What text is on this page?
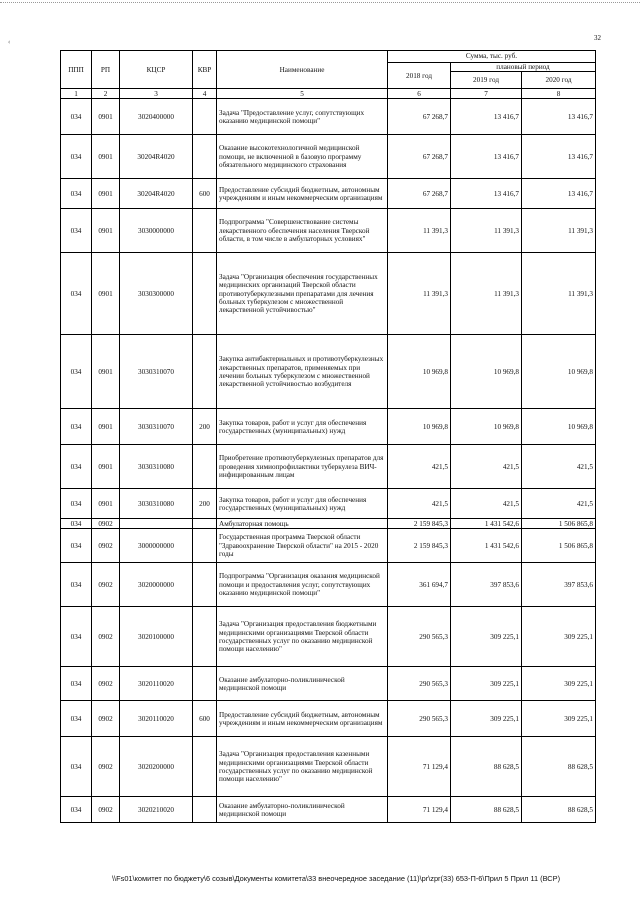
32
‹
ППП	РП	КЦСР	КВР	Наименование	Сумма, тыс. руб.		
					2018 год	плановый период	
						2019 год	2020 год
1	2	3	4	5	6	7	8
034	0901	3020400000		Задача "Предоставление услуг, сопутствующих оказанию медицинской помощи"	67 268,7	13 416,7	13 416,7
034	0901	30204R4020		Оказание высокотехнологичной медицинской помощи, не включенной в базовую программу обязательного медицинского страхования	67 268,7	13 416,7	13 416,7
034	0901	30204R4020	600	Предоставление субсидий бюджетным, автономным учреждениям и иным некоммерческим организациям	67 268,7	13 416,7	13 416,7
034	0901	3030000000		Подпрограмма "Совершенствование системы лекарственного обеспечения населения Тверской области, в том числе в амбулаторных условиях"	11 391,3	11 391,3	11 391,3
034	0901	3030300000		Задача "Организация обеспечения государственных медицинских организаций Тверской области противотуберкулезными препаратами для лечения больных туберкулезом с множественной лекарственной устойчивостью"	11 391,3	11 391,3	11 391,3
034	0901	3030310070		Закупка антибактериальных и противотуберкулезных лекарственных препаратов, применяемых при лечении больных туберкулезом с множественной лекарственной устойчивостью возбудителя	10 969,8	10 969,8	10 969,8
034	0901	3030310070	200	Закупка товаров, работ и услуг для обеспечения государственных (муниципальных) нужд	10 969,8	10 969,8	10 969,8
034	0901	3030310080		Приобретение противотуберкулезных препаратов для проведения химиопрофилактики туберкулеза ВИЧ-инфицированным лицам	421,5	421,5	421,5
034	0901	3030310080	200	Закупка товаров, работ и услуг для обеспечения государственных (муниципальных) нужд	421,5	421,5	421,5
034	0902			Амбулаторная помощь	2 159 845,3	1 431 542,6	1 506 865,8
034	0902	3000000000		Государственная программа Тверской области "Здравоохранение Тверской области" на 2015 - 2020 годы	2 159 845,3	1 431 542,6	1 506 865,8
034	0902	3020000000		Подпрограмма "Организация оказания медицинской помощи и предоставления услуг, сопутствующих оказанию медицинской помощи"	361 694,7	397 853,6	397 853,6
034	0902	3020100000		Задача "Организация предоставления бюджетными медицинскими организациями Тверской области государственных услуг по оказанию медицинской помощи населению"	290 565,3	309 225,1	309 225,1
034	0902	3020110020		Оказание амбулаторно-поликлинической медицинской помощи	290 565,3	309 225,1	309 225,1
034	0902	3020110020	600	Предоставление субсидий бюджетным, автономным учреждениям и иным некоммерческим организациям	290 565,3	309 225,1	309 225,1
034	0902	3020200000		Задача "Организация предоставления казенными медицинскими организациями Тверской области государственных услуг по оказанию медицинской помощи населению"	71 129,4	88 628,5	88 628,5
034	0902	3020210020		Оказание амбулаторно-поликлинической медицинской помощи	71 129,4	88 628,5	88 628,5
\\Fs01\комитет по бюджету\6 созыв\Документы комитета\33 внеочередное заседание (11)\pr\zpr(33) 653-П-6\Прил 5 Прил 11 (ВСР)
